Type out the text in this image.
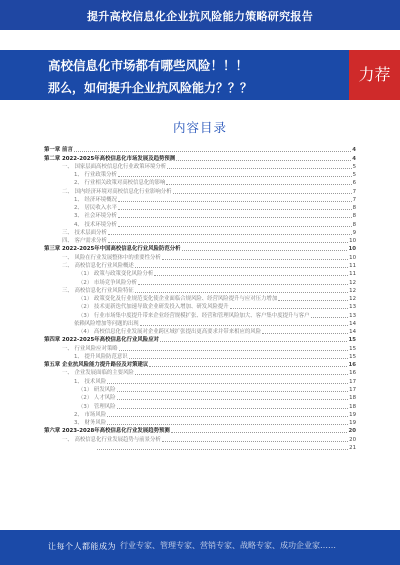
提升高校信息化企业抗风险能力策略研究报告
高校信息化市场都有哪些风险！！！
那么，如何提升企业抗风险能力？？？
力荐
内容目录
第一章 前言	4
第二章 2022-2025年高校信息化市场发展及趋势预测	4
一、 国家层面高校信息化行业政策环境分析	5
1、 行业政策分析	5
2、 行业相关政策对高校信息化的影响	6
二、 国内经济环境对高校信息化行业影响分析	7
1、 经济环境概况	7
2、 居民收入水平	8
3、 社会环境分析	8
4、 技术环境分析	8
三、 技术层面分析	9
四、 客户需求分析	10
第三章 2022-2025年中国高校信息化行业风险防范分析	10
一、 风险在行业发展整体中的重要性分析	10
二、 高校信息化行业风险概述	11
（1） 政策与政策变化风险分析	11
（2） 市场竞争风险分析	12
三、 高校信息化行业风险特征	12
（1） 政策变化及行业规范变化使企业面临合规风险、经营风险提升与应对压力增加	12
（2） 技术更新迭代加速导致企业研发投入增加、研发风险提升	13
（3） 行业市场集中度提升带来企业经营规模扩张、经营和管理风险加大、客户集中度提升与客户	13
依赖风险增加等问题的出现	14
（4） 高校信息化行业发展对企业跨区域扩张提出更高要求并带来相应的风险	14
第四章 2022-2025年高校信息化行业风险应对	15
一、 行业风险应对策略	15
1、 提升风险防范意识	15
第五章 企业抗风险能力提升路径及对策建议	16
一、 企业发展面临的主要风险	16
1、 技术风险	17
（1） 研发风险	17
（2） 人才风险	18
（3） 管理风险	18
2、 市场风险	19
3、 财务风险	19
第六章 2023-2028年高校信息化行业发展趋势预测	20
一、 高校信息化行业发展趋势与前景分析	20
21
让每个人都能成为 行业专家、管理专家、营销专家、战略专家、成功企业家……
